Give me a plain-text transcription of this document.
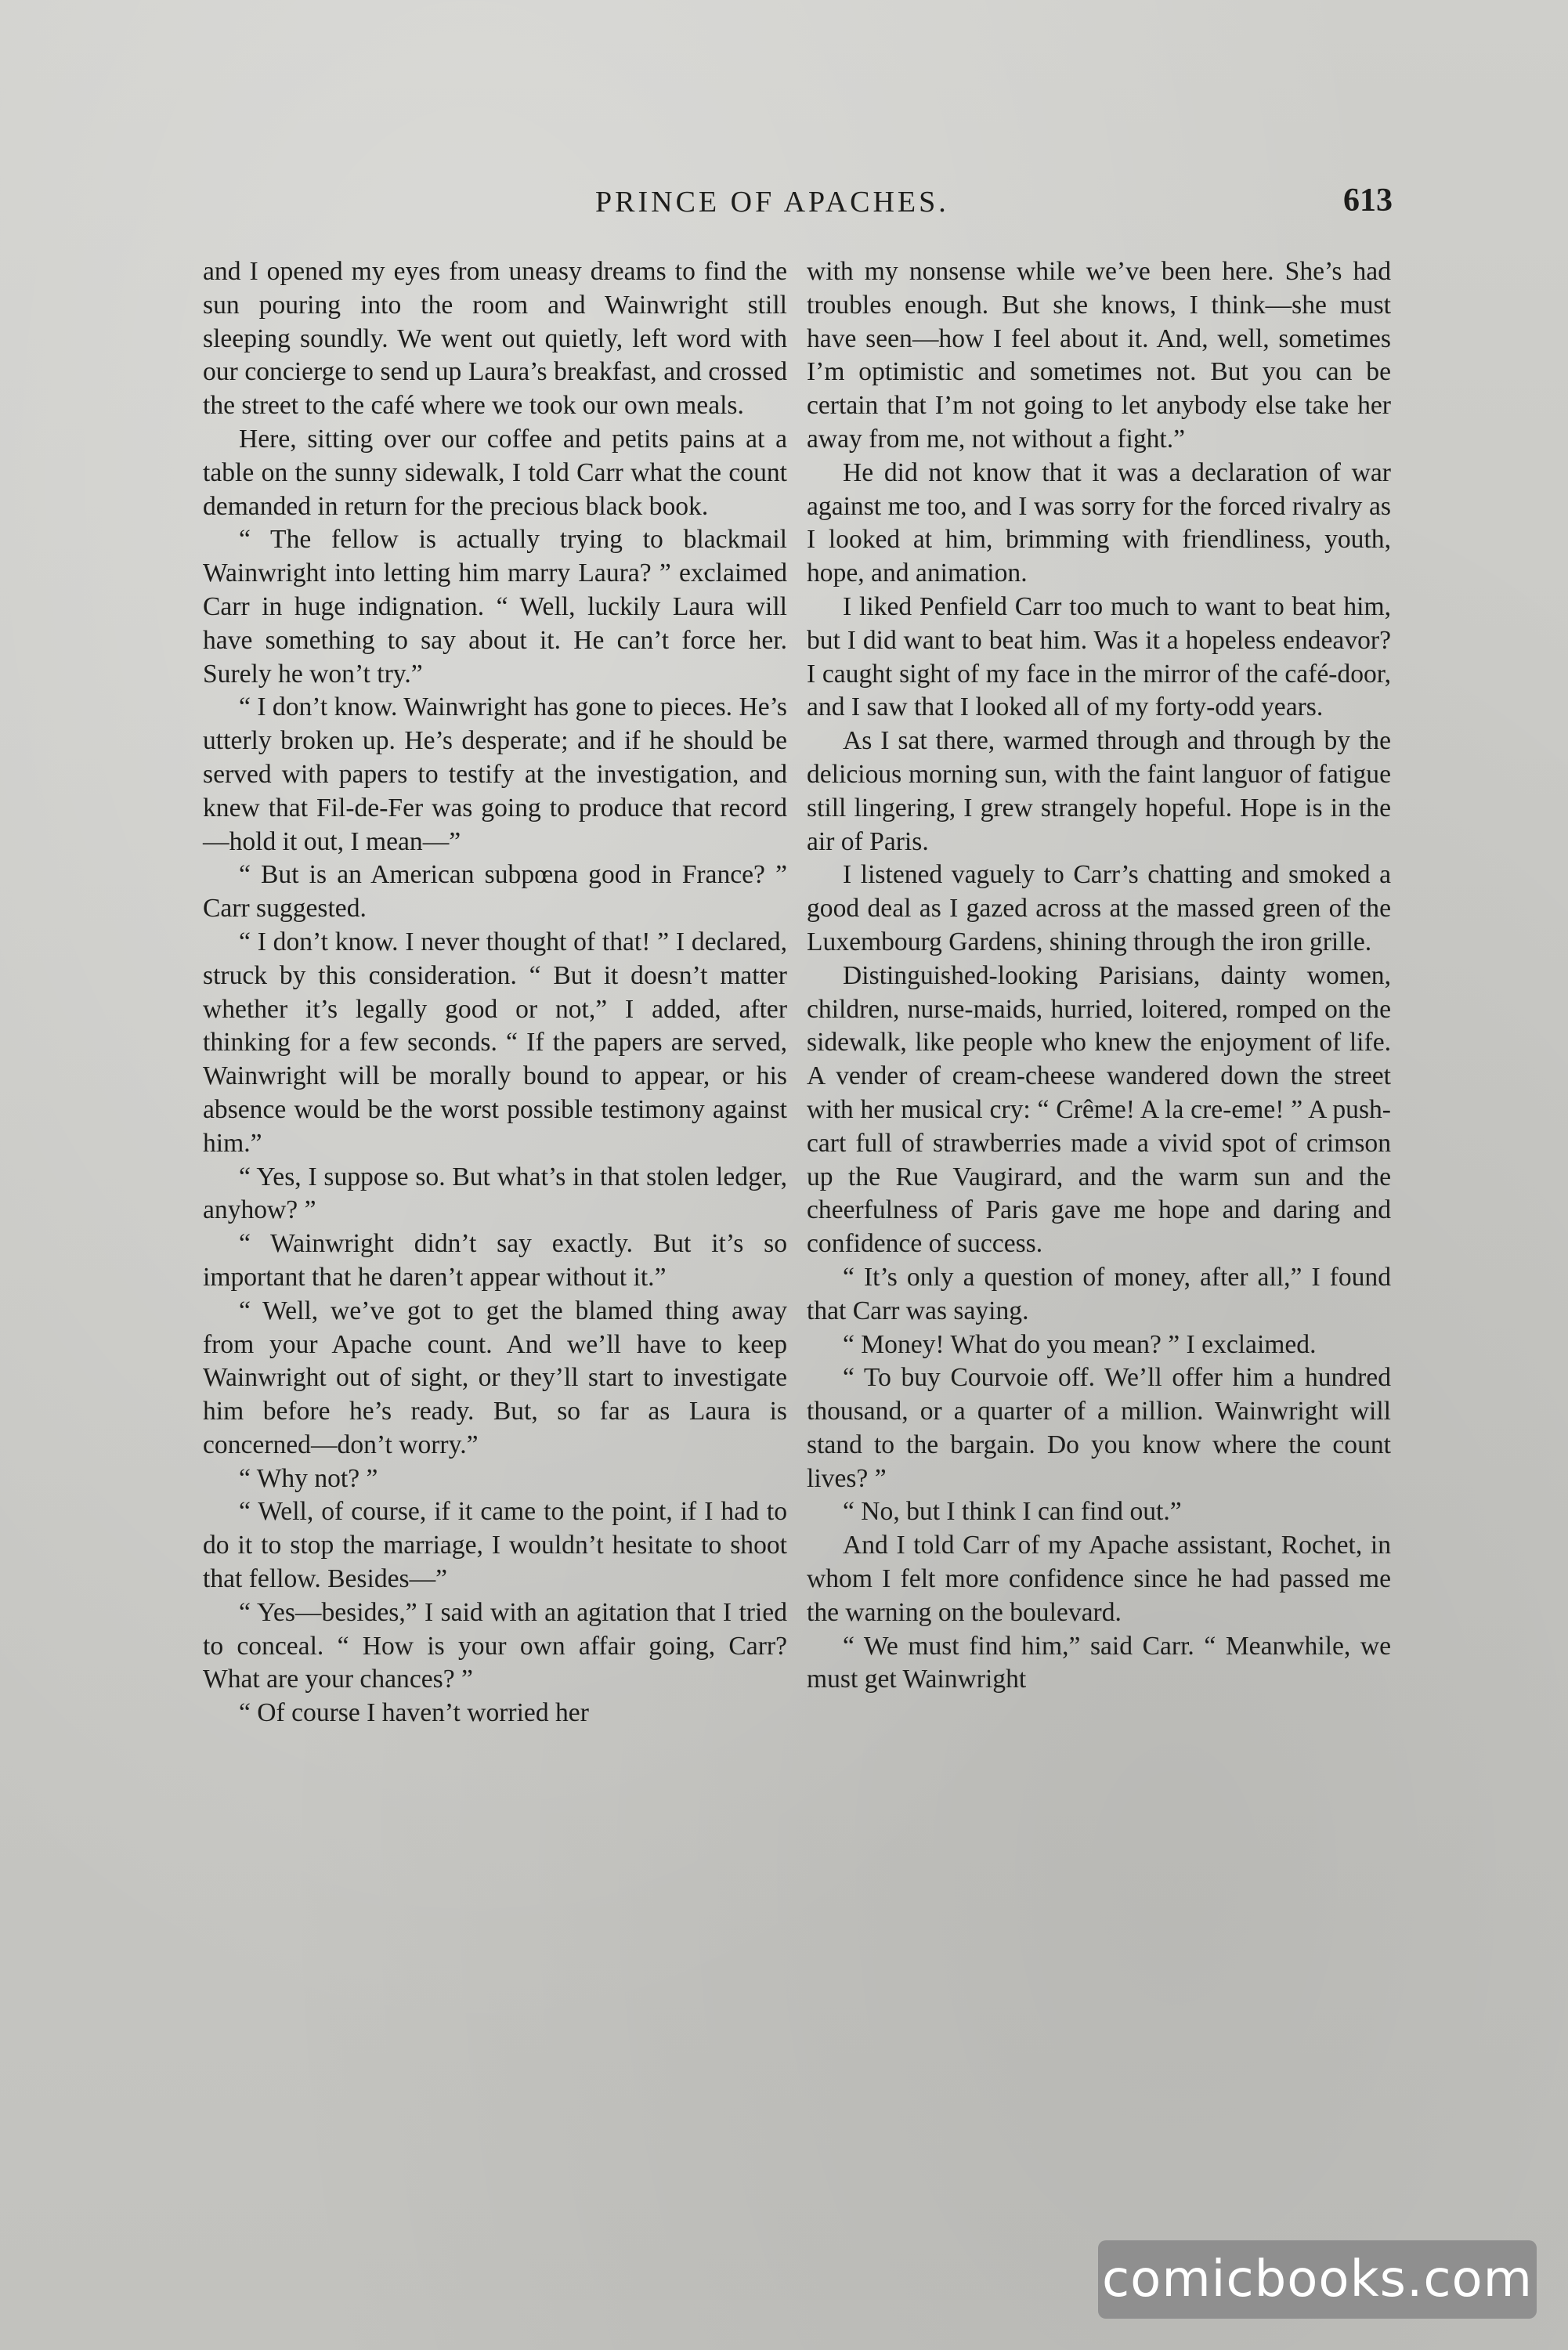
PRINCE OF APACHES.	613

and I opened my eyes from uneasy dreams to find the sun pouring into the room and Wainwright still sleeping soundly. We went out quietly, left word with our concierge to send up Laura’s breakfast, and crossed the street to the café where we took our own meals.

Here, sitting over our coffee and petits pains at a table on the sunny sidewalk, I told Carr what the count demanded in return for the precious black book.

“ The fellow is actually trying to blackmail Wainwright into letting him marry Laura? ” exclaimed Carr in huge indignation. “ Well, luckily Laura will have something to say about it. He can’t force her. Surely he won’t try.”

“ I don’t know. Wainwright has gone to pieces. He’s utterly broken up. He’s desperate; and if he should be served with papers to testify at the investigation, and knew that Fil-de-Fer was going to produce that record—hold it out, I mean—”

“ But is an American subpœna good in France? ” Carr suggested.

“ I don’t know. I never thought of that! ” I declared, struck by this consideration. “ But it doesn’t matter whether it’s legally good or not,” I added, after thinking for a few seconds. “ If the papers are served, Wainwright will be morally bound to appear, or his absence would be the worst possible testimony against him.”

“ Yes, I suppose so. But what’s in that stolen ledger, anyhow? ”

“ Wainwright didn’t say exactly. But it’s so important that he daren’t appear without it.”

“ Well, we’ve got to get the blamed thing away from your Apache count. And we’ll have to keep Wainwright out of sight, or they’ll start to investigate him before he’s ready. But, so far as Laura is concerned—don’t worry.”

“ Why not? ”

“ Well, of course, if it came to the point, if I had to do it to stop the marriage, I wouldn’t hesitate to shoot that fellow. Besides—”

“ Yes—besides,” I said with an agitation that I tried to conceal. “ How is your own affair going, Carr? What are your chances? ”

“ Of course I haven’t worried her

with my nonsense while we’ve been here. She’s had troubles enough. But she knows, I think—she must have seen—how I feel about it. And, well, sometimes I’m optimistic and sometimes not. But you can be certain that I’m not going to let anybody else take her away from me, not without a fight.”

He did not know that it was a declaration of war against me too, and I was sorry for the forced rivalry as I looked at him, brimming with friendliness, youth, hope, and animation.

I liked Penfield Carr too much to want to beat him, but I did want to beat him. Was it a hopeless endeavor? I caught sight of my face in the mirror of the café-door, and I saw that I looked all of my forty-odd years.

As I sat there, warmed through and through by the delicious morning sun, with the faint languor of fatigue still lingering, I grew strangely hopeful. Hope is in the air of Paris.

I listened vaguely to Carr’s chatting and smoked a good deal as I gazed across at the massed green of the Luxembourg Gardens, shining through the iron grille.

Distinguished-looking Parisians, dainty women, children, nurse-maids, hurried, loitered, romped on the sidewalk, like people who knew the enjoyment of life. A vender of cream-cheese wandered down the street with her musical cry: “ Crême! A la cre-eme! ” A push-cart full of strawberries made a vivid spot of crimson up the Rue Vaugirard, and the warm sun and the cheerfulness of Paris gave me hope and daring and confidence of success.

“ It’s only a question of money, after all,” I found that Carr was saying.

“ Money! What do you mean? ” I exclaimed.

“ To buy Courvoie off. We’ll offer him a hundred thousand, or a quarter of a million. Wainwright will stand to the bargain. Do you know where the count lives? ”

“ No, but I think I can find out.”

And I told Carr of my Apache assistant, Rochet, in whom I felt more confidence since he had passed me the warning on the boulevard.

“ We must find him,” said Carr. “ Meanwhile, we must get Wainwright

comicbooks.com
